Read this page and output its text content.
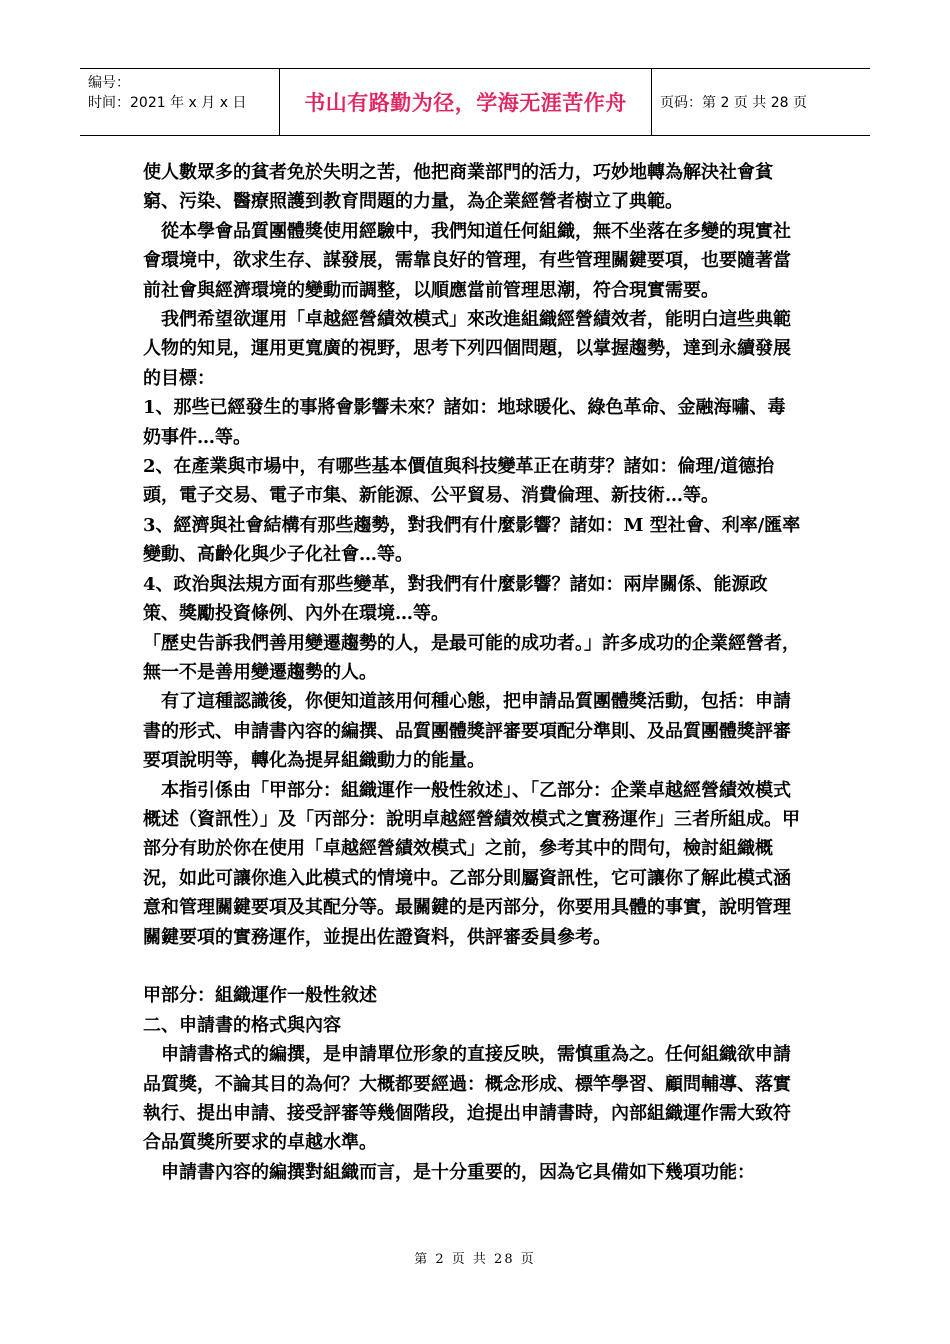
编号：
时间：2021 年 x 月 x 日	书山有路勤为径，学海无涯苦作舟	页码：第 2 页 共 28 页

使人數眾多的貧者免於失明之苦，他把商業部門的活力，巧妙地轉為解決社會貧窮、污染、醫療照護到教育問題的力量，為企業經營者樹立了典範。

從本學會品質團體獎使用經驗中，我們知道任何組織，無不坐落在多變的現實社會環境中，欲求生存、謀發展，需靠良好的管理，有些管理關鍵要項，也要隨著當前社會與經濟環境的變動而調整，以順應當前管理思潮，符合現實需要。

我們希望欲運用「卓越經營績效模式」來改進組織經營績效者，能明白這些典範人物的知見，運用更寬廣的視野，思考下列四個問題，以掌握趨勢，達到永續發展的目標：

1、那些已經發生的事將會影響未來？諸如：地球暖化、綠色革命、金融海嘯、毒奶事件…等。

2、在產業與市場中，有哪些基本價值與科技變革正在萌芽？諸如：倫理/道德抬頭，電子交易、電子市集、新能源、公平貿易、消費倫理、新技術…等。

3、經濟與社會結構有那些趨勢，對我們有什麼影響？諸如：M 型社會、利率/匯率變動、高齡化與少子化社會…等。

4、政治與法規方面有那些變革，對我們有什麼影響？諸如：兩岸關係、能源政策、獎勵投資條例、內外在環境…等。

「歷史告訴我們善用變遷趨勢的人，是最可能的成功者。」許多成功的企業經營者，無一不是善用變遷趨勢的人。

有了這種認識後，你便知道該用何種心態，把申請品質團體獎活動，包括：申請書的形式、申請書內容的編撰、品質團體獎評審要項配分準則、及品質團體獎評審要項說明等，轉化為提昇組織動力的能量。

本指引係由「甲部分：組織運作一般性敘述」、「乙部分：企業卓越經營績效模式概述（資訊性）」及「丙部分：說明卓越經營績效模式之實務運作」三者所組成。甲部分有助於你在使用「卓越經營績效模式」之前，參考其中的問句，檢討組織概況，如此可讓你進入此模式的情境中。乙部分則屬資訊性，它可讓你了解此模式涵意和管理關鍵要項及其配分等。最關鍵的是丙部分，你要用具體的事實，說明管理關鍵要項的實務運作，並提出佐證資料，供評審委員參考。

甲部分：組織運作一般性敘述

二、申請書的格式與內容

申請書格式的編撰，是申請單位形象的直接反映，需慎重為之。任何組織欲申請品質獎，不論其目的為何？大概都要經過：概念形成、標竿學習、顧問輔導、落實執行、提出申請、接受評審等幾個階段，迨提出申請書時，內部組織運作需大致符合品質獎所要求的卓越水準。

申請書內容的編撰對組織而言，是十分重要的，因為它具備如下幾項功能：

第 2 页 共 28 页
